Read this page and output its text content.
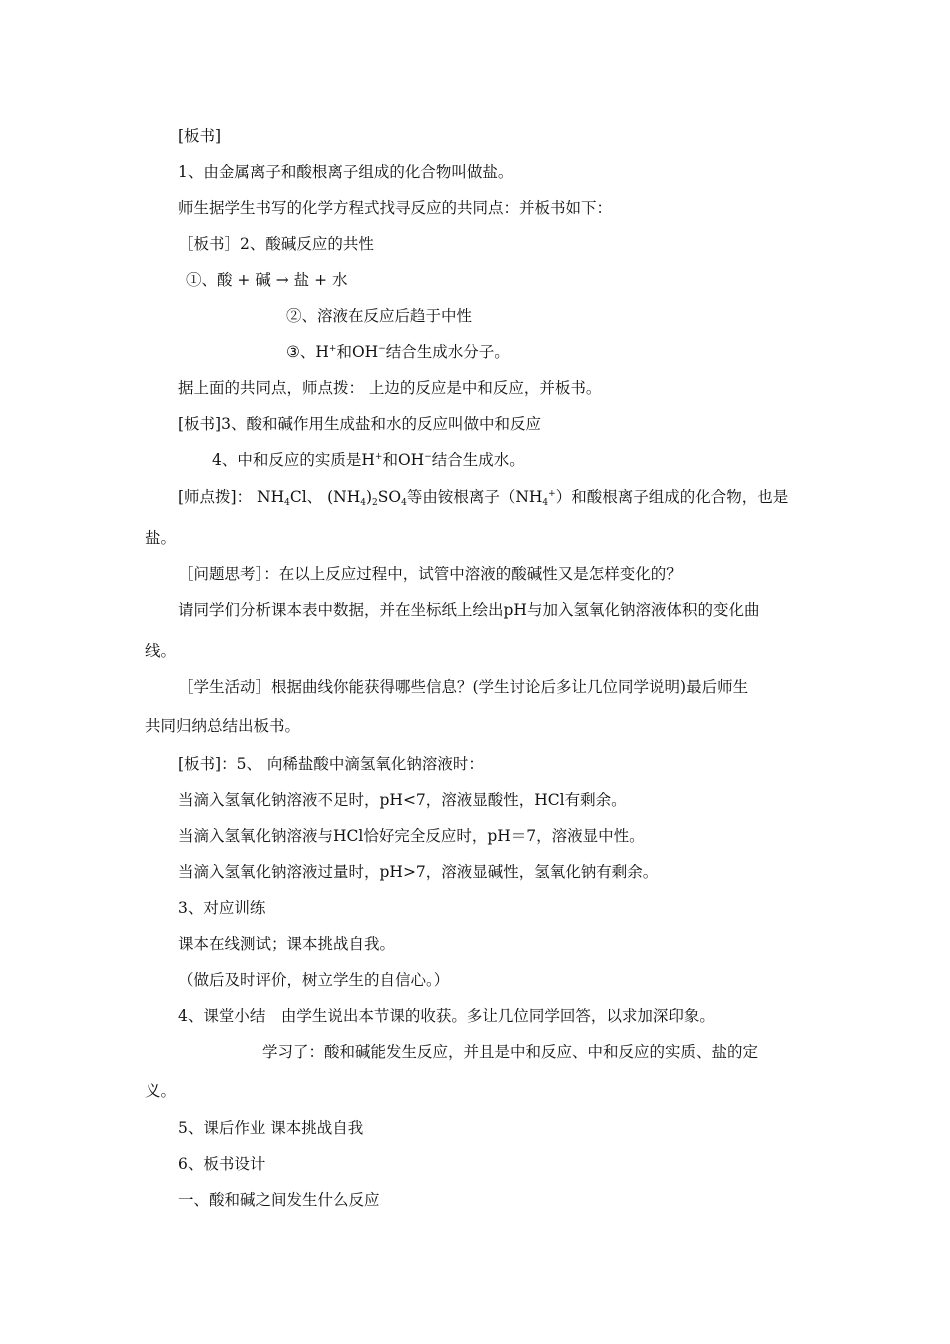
[板书]
1、由金属离子和酸根离子组成的化合物叫做盐。
师生据学生书写的化学方程式找寻反应的共同点：并板书如下：
［板书］2、酸碱反应的共性
①、酸 + 碱 → 盐 + 水
②、溶液在反应后趋于中性
③、H+和OH−结合生成水分子。
据上面的共同点，师点拨： 上边的反应是中和反应，并板书。
[板书]3、酸和碱作用生成盐和水的反应叫做中和反应
4、中和反应的实质是H+和OH−结合生成水。
[师点拨]： $NH_4Cl$、 $(NH_4)_2SO_4$等由铵根离子$(NH_4^+)$和酸根离子组成的化合物，也是
盐。
［问题思考］：在以上反应过程中，试管中溶液的酸碱性又是怎样变化的？
请同学们分析课本表中数据，并在坐标纸上绘出pH与加入氢氧化钠溶液体积的变化曲
线。
［学生活动］根据曲线你能获得哪些信息？(学生讨论后多让几位同学说明)最后师生
共同归纳总结出板书。
[板书]：5、 向稀盐酸中滴氢氧化钠溶液时：
当滴入氢氧化钠溶液不足时，pH<7，溶液显酸性，HCl有剩余。
当滴入氢氧化钠溶液与HCl恰好完全反应时，pH＝7，溶液显中性。
当滴入氢氧化钠溶液过量时，pH>7，溶液显碱性，氢氧化钠有剩余。
3、对应训练
课本在线测试；课本挑战自我。
（做后及时评价，树立学生的自信心。）
4、课堂小结　由学生说出本节课的收获。多让几位同学回答，以求加深印象。
学习了：酸和碱能发生反应，并且是中和反应、中和反应的实质、盐的定
义。
5、课后作业 课本挑战自我
6、板书设计
一、酸和碱之间发生什么反应
